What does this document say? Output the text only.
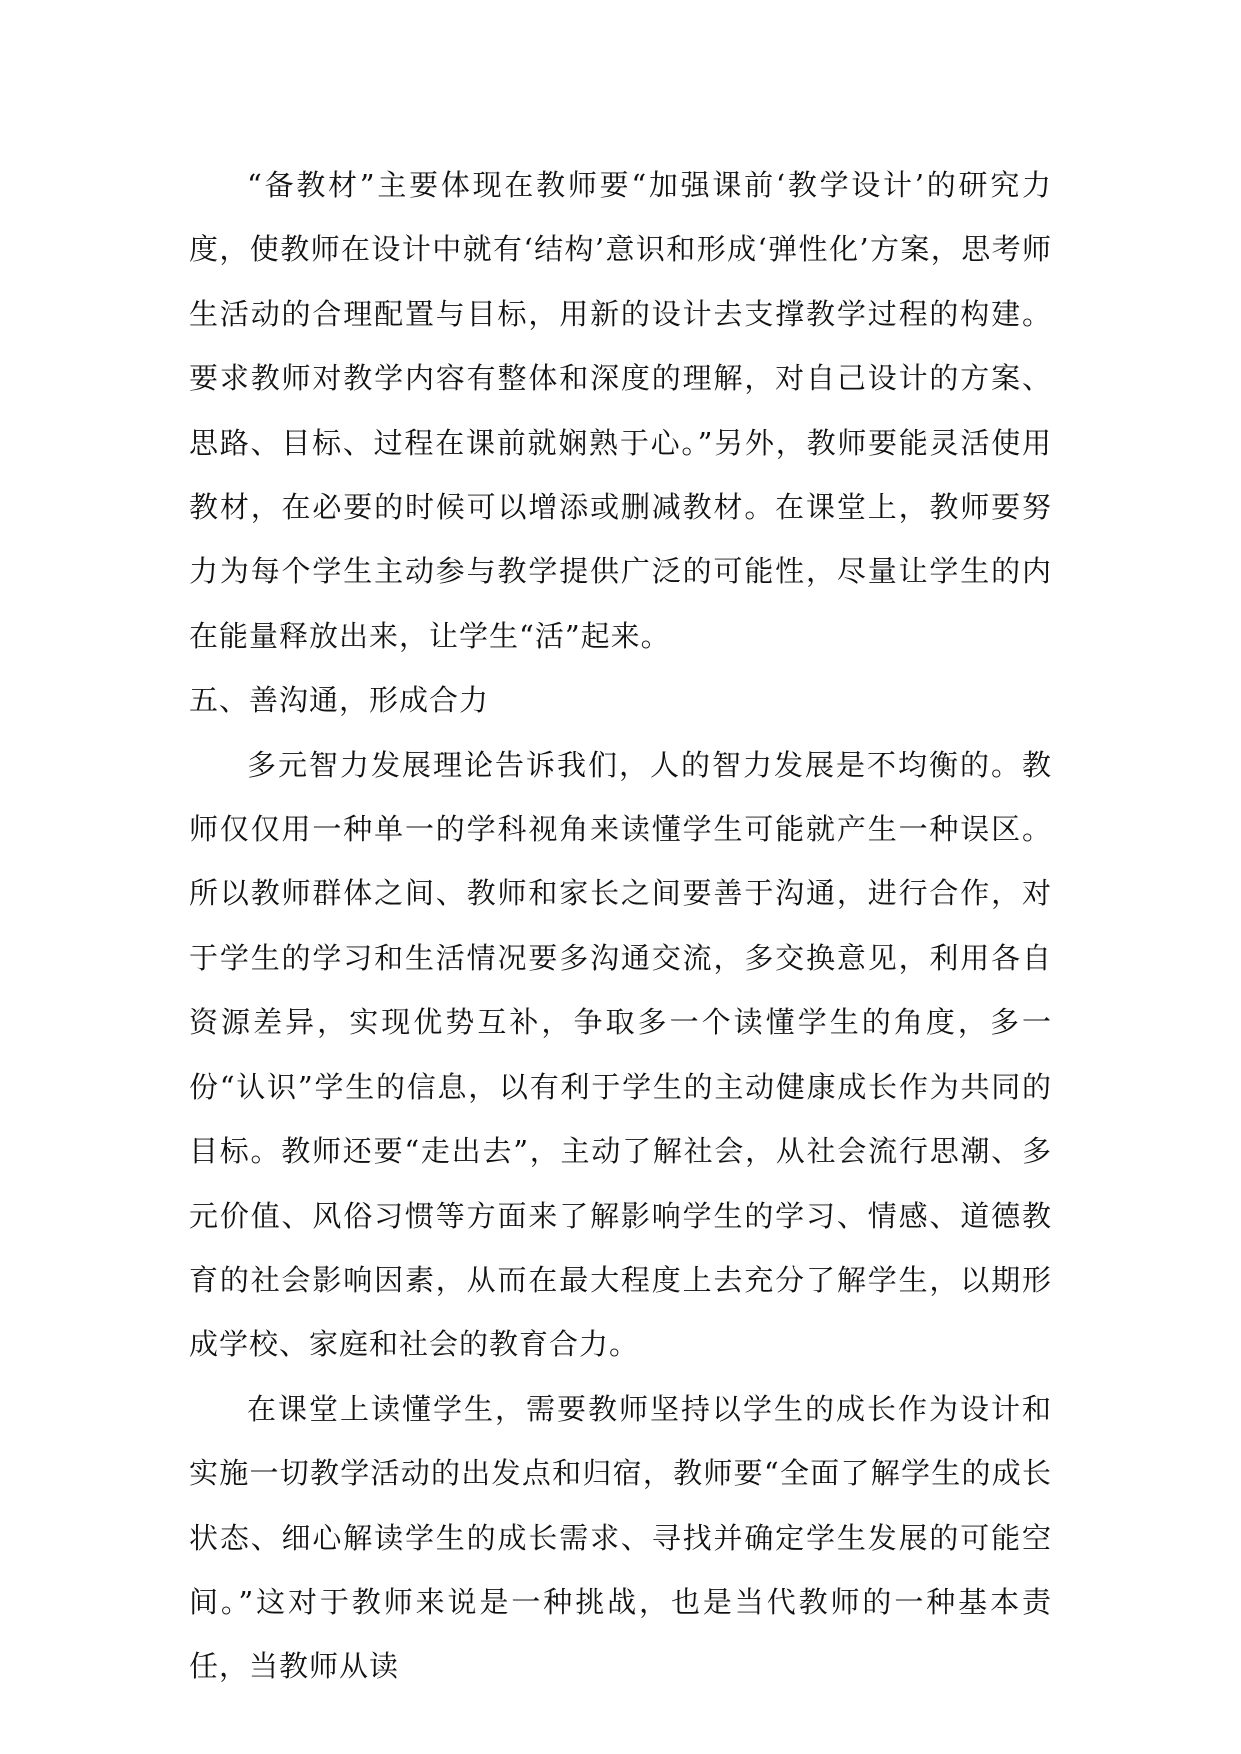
“备教材”主要体现在教师要“加强课前‘教学设计’的研究力度，使教师在设计中就有‘结构’意识和形成‘弹性化’方案，思考师生活动的合理配置与目标，用新的设计去支撑教学过程的构建。要求教师对教学内容有整体和深度的理解，对自己设计的方案、思路、目标、过程在课前就娴熟于心。”另外，教师要能灵活使用教材，在必要的时候可以增添或删减教材。在课堂上，教师要努力为每个学生主动参与教学提供广泛的可能性，尽量让学生的内在能量释放出来，让学生“活”起来。

五、善沟通，形成合力

多元智力发展理论告诉我们，人的智力发展是不均衡的。教师仅仅用一种单一的学科视角来读懂学生可能就产生一种误区。所以教师群体之间、教师和家长之间要善于沟通，进行合作，对于学生的学习和生活情况要多沟通交流，多交换意见，利用各自资源差异，实现优势互补，争取多一个读懂学生的角度，多一份“认识”学生的信息，以有利于学生的主动健康成长作为共同的目标。教师还要“走出去”，主动了解社会，从社会流行思潮、多元价值、风俗习惯等方面来了解影响学生的学习、情感、道德教育的社会影响因素，从而在最大程度上去充分了解学生，以期形成学校、家庭和社会的教育合力。

在课堂上读懂学生，需要教师坚持以学生的成长作为设计和实施一切教学活动的出发点和归宿，教师要“全面了解学生的成长状态、细心解读学生的成长需求、寻找并确定学生发展的可能空间。”这对于教师来说是一种挑战，也是当代教师的一种基本责任，当教师从读
